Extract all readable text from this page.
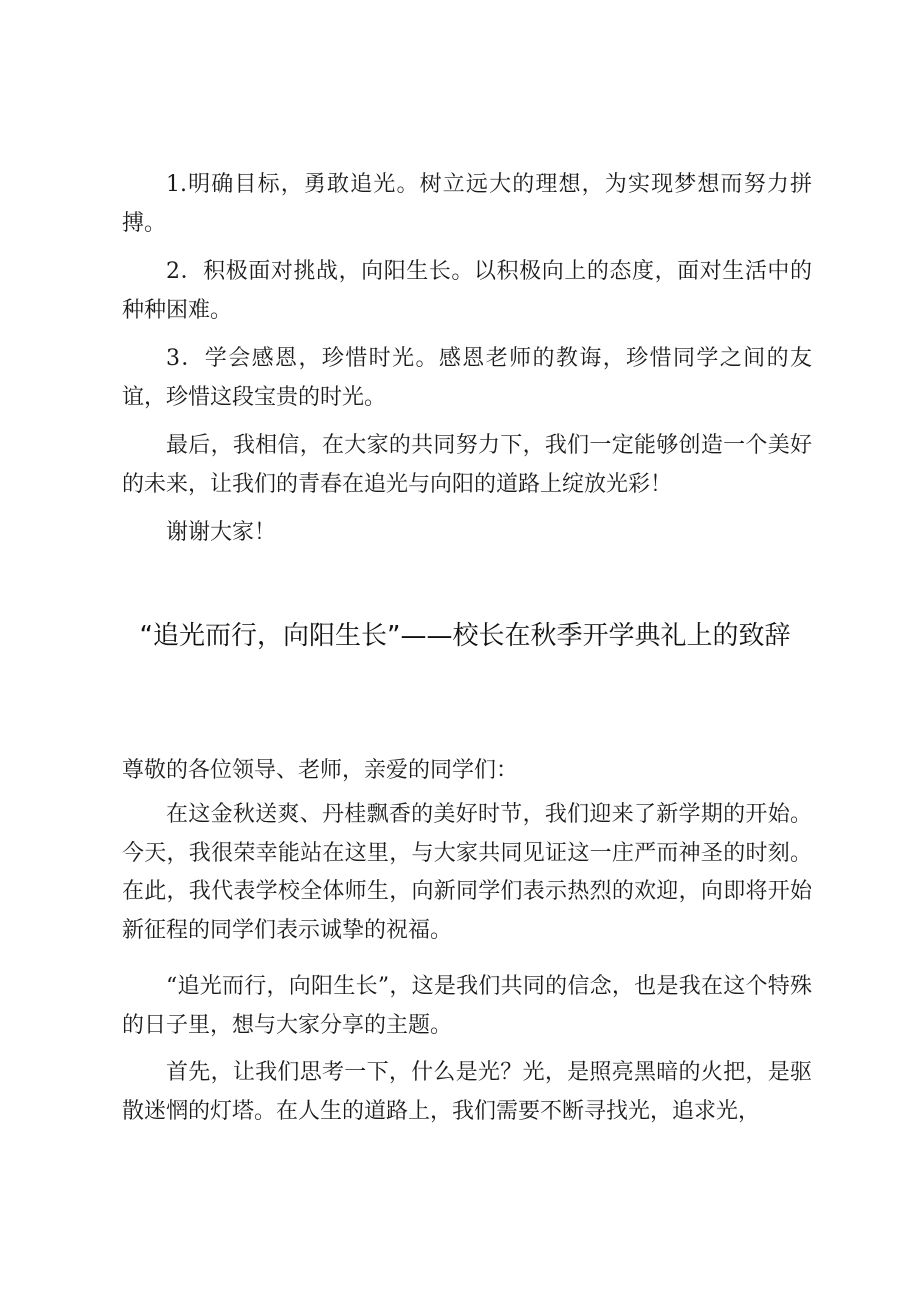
1.明确目标，勇敢追光。树立远大的理想，为实现梦想而努力拼搏。

2．积极面对挑战，向阳生长。以积极向上的态度，面对生活中的种种困难。

3．学会感恩，珍惜时光。感恩老师的教诲，珍惜同学之间的友谊，珍惜这段宝贵的时光。

最后，我相信，在大家的共同努力下，我们一定能够创造一个美好的未来，让我们的青春在追光与向阳的道路上绽放光彩！

谢谢大家！

“追光而行，向阳生长”——校长在秋季开学典礼上的致辞

尊敬的各位领导、老师，亲爱的同学们：

在这金秋送爽、丹桂飘香的美好时节，我们迎来了新学期的开始。今天，我很荣幸能站在这里，与大家共同见证这一庄严而神圣的时刻。在此，我代表学校全体师生，向新同学们表示热烈的欢迎，向即将开始新征程的同学们表示诚挚的祝福。

“追光而行，向阳生长”，这是我们共同的信念，也是我在这个特殊的日子里，想与大家分享的主题。

首先，让我们思考一下，什么是光？光，是照亮黑暗的火把，是驱散迷惘的灯塔。在人生的道路上，我们需要不断寻找光，追求光，
